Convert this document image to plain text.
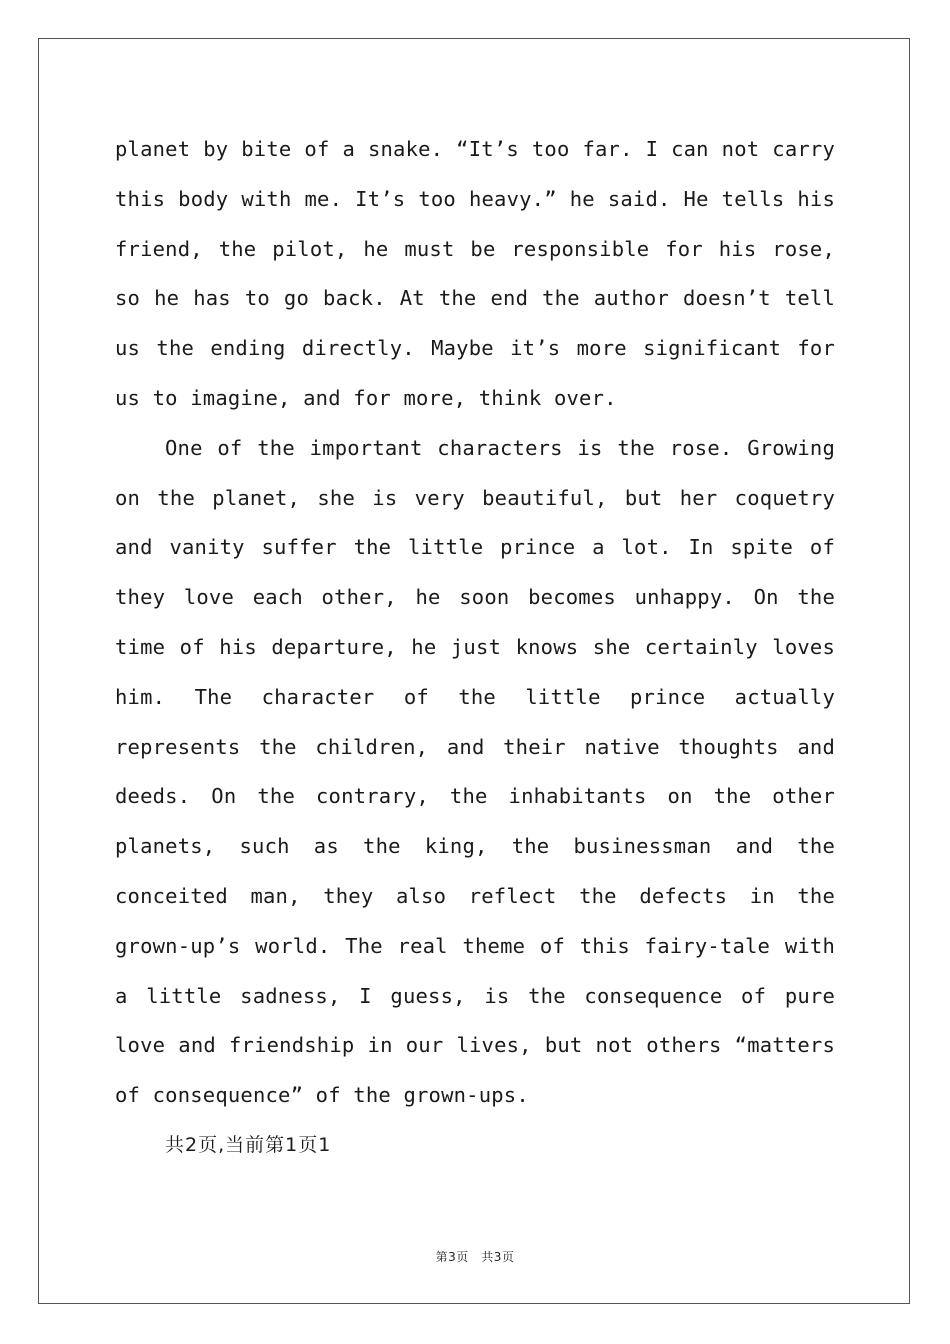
planet by bite of a snake. “It’s too far. I can not carry this body with me. It’s too heavy.” he said. He tells his friend, the pilot, he must be responsible for his rose, so he has to go back. At the end the author doesn’t tell us the ending directly. Maybe it’s more significant for us to imagine, and for more, think over.

One of the important characters is the rose. Growing on the planet, she is very beautiful, but her coquetry and vanity suffer the little prince a lot. In spite of they love each other, he soon becomes unhappy. On the time of his departure, he just knows she certainly loves him. The character of the little prince actually represents the children, and their native thoughts and deeds. On the contrary, the inhabitants on the other planets, such as the king, the businessman and the conceited man, they also reflect the defects in the grown-up’s world. The real theme of this fairy-tale with a little sadness, I guess, is the consequence of pure love and friendship in our lives, but not others “matters of consequence” of the grown-ups.

共2页,当前第1页1

第3页　共3页
